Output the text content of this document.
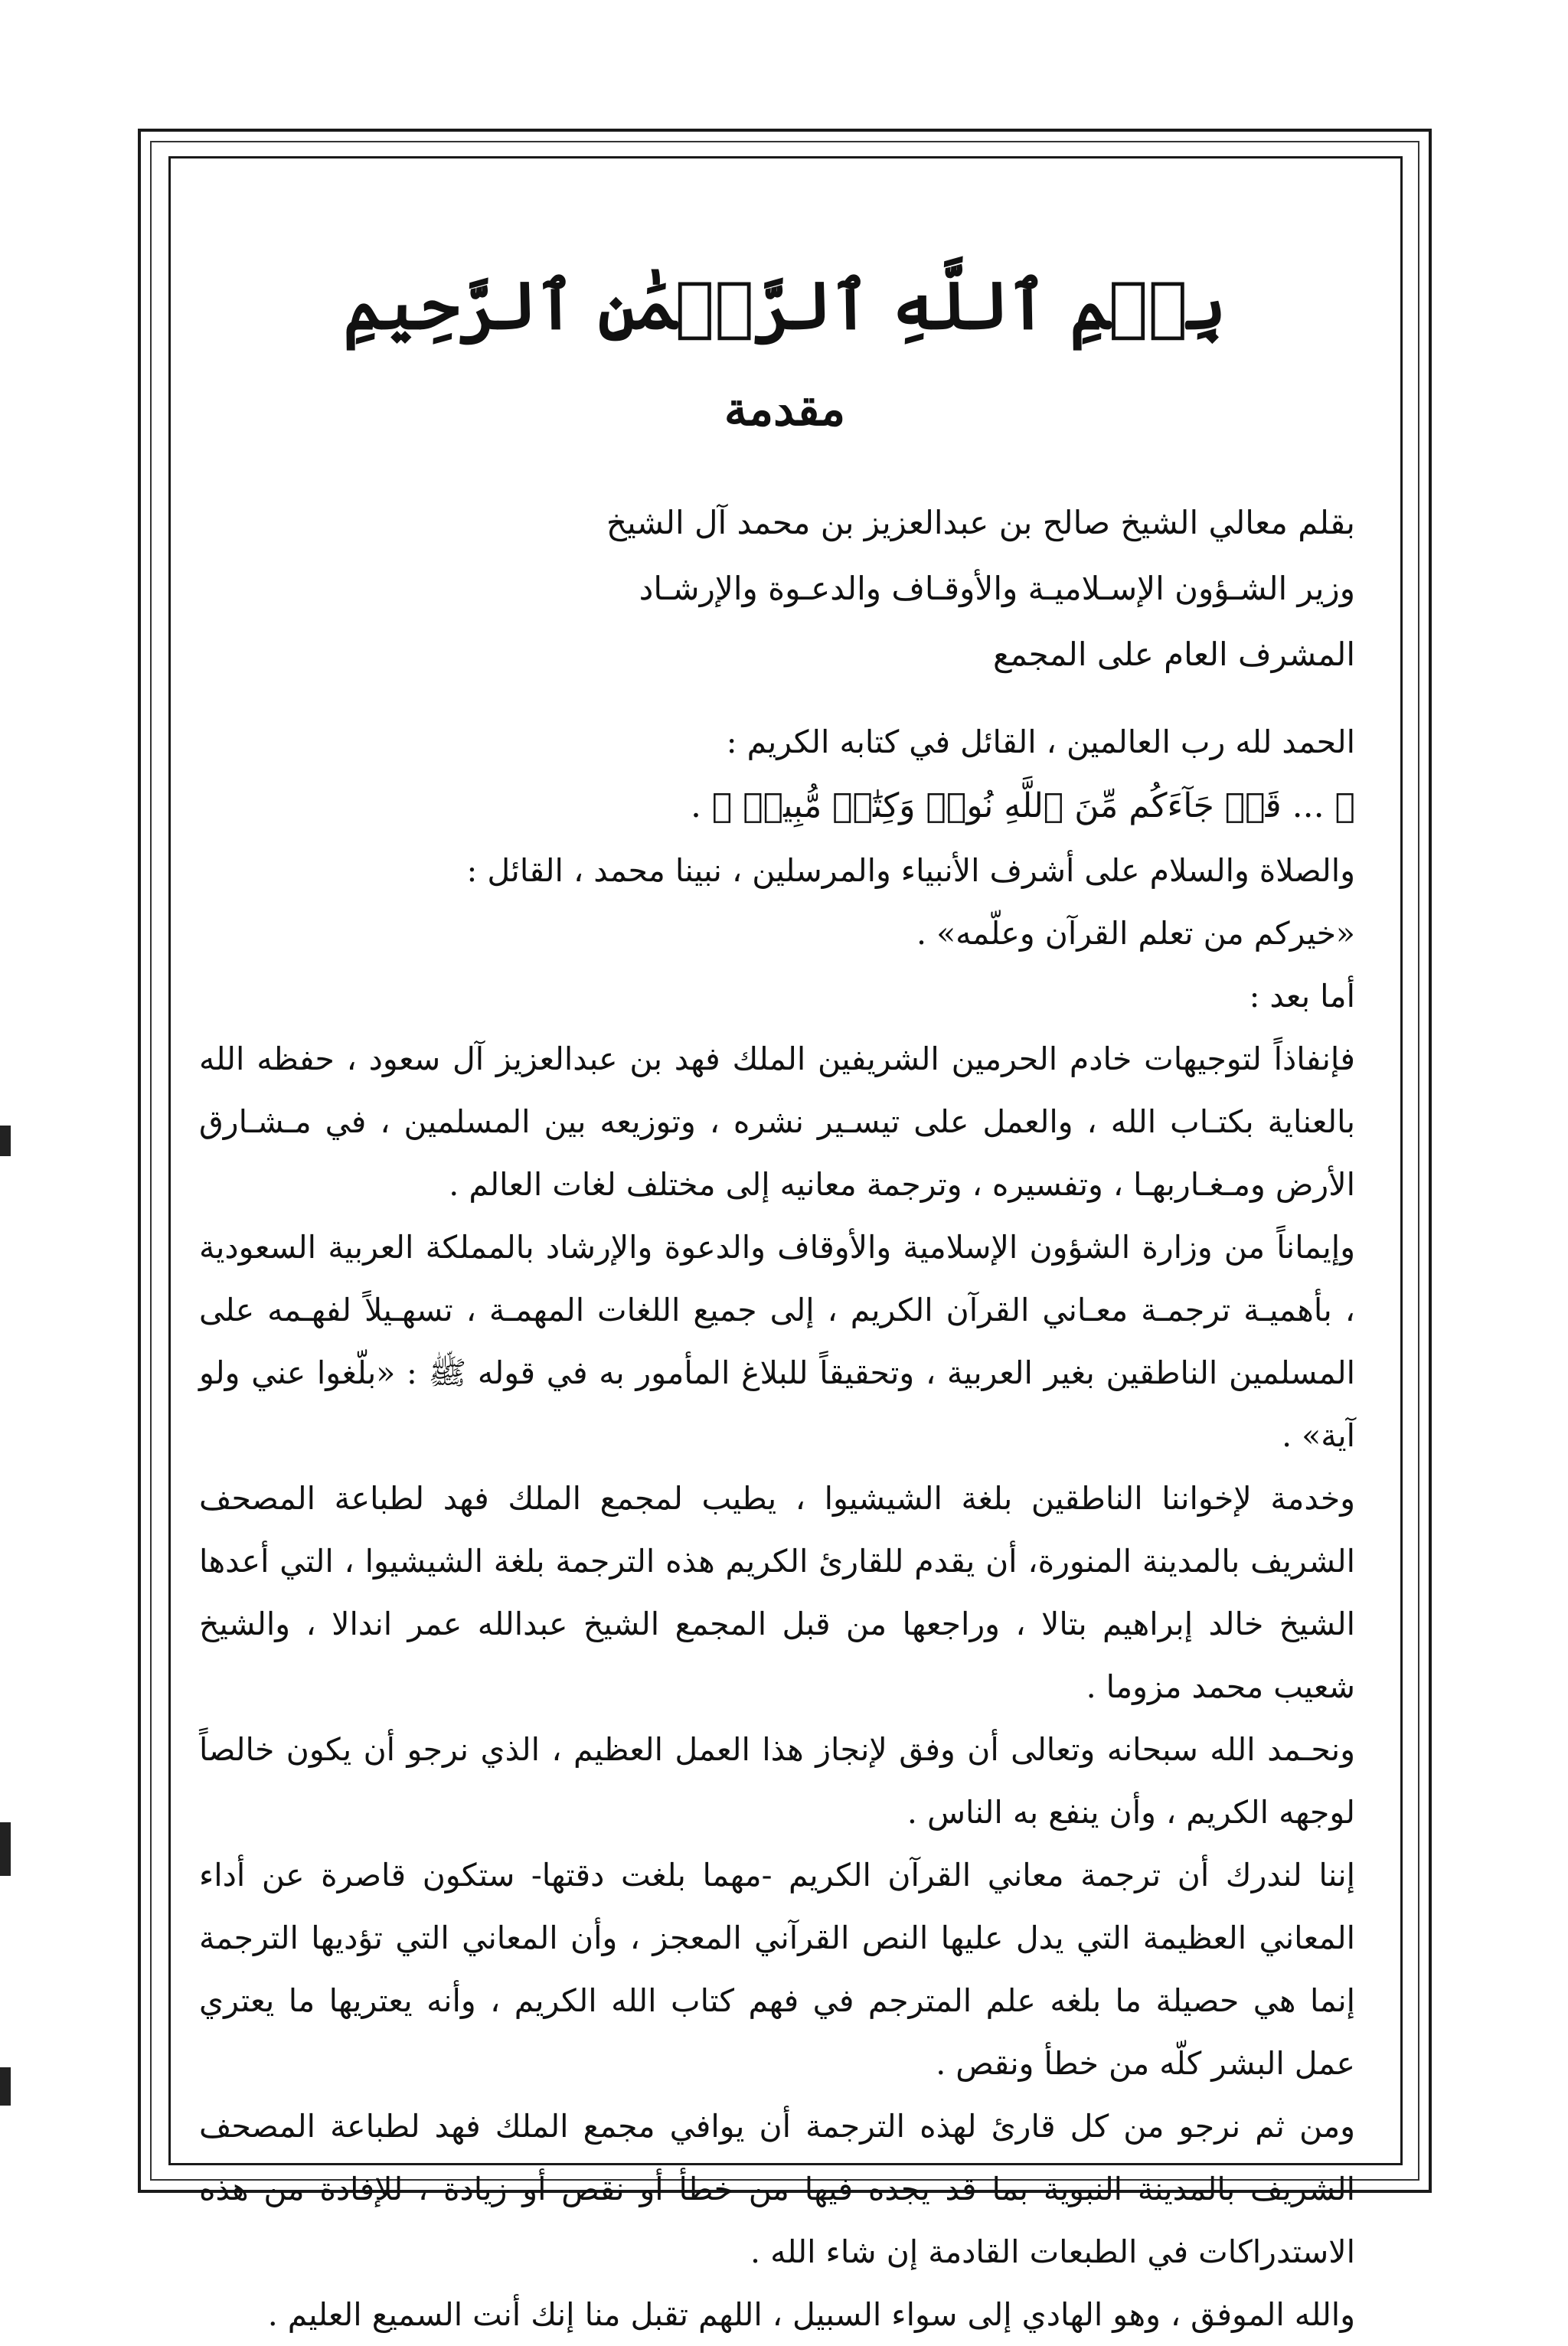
بِسۡمِ ٱللَّهِ ٱلرَّحۡمَٰنِ ٱلرَّحِيمِ
مقدمة
بقلم معالي الشيخ صالح بن عبدالعزيز بن محمد آل الشيخ
وزير الشـؤون الإسـلاميـة والأوقـاف والدعـوة والإرشـاد
المشرف العام على المجمع
الحمد لله رب العالمين ، القائل في كتابه الكريم :
﴿ ... قَدۡ جَآءَكُم مِّنَ ٱللَّهِ نُورٞ وَكِتَٰبٞ مُّبِينٞ ﴾ .
والصلاة والسلام على أشرف الأنبياء والمرسلين ، نبينا محمد ، القائل :
«خيركم من تعلم القرآن وعلّمه» .
أما بعد :
فإنفاذاً لتوجيهات خادم الحرمين الشريفين الملك فهد بن عبدالعزيز آل سعود ، حفظه الله بالعناية بكتـاب الله ، والعمل على تيسـير نشره ، وتوزيعه بين المسلمين ، في مـشـارق الأرض ومـغـاربهـا ، وتفسيره ، وترجمة معانيه إلى مختلف لغات العالم .
وإيماناً من وزارة الشؤون الإسلامية والأوقاف والدعوة والإرشاد بالمملكة العربية السعودية ، بأهميـة ترجمـة معـاني القرآن الكريم ، إلى جميع اللغات المهمـة ، تسهـيلاً لفهـمه على المسلمين الناطقين بغير العربية ، وتحقيقاً للبلاغ المأمور به في قوله ﷺ : «بلّغوا عني ولو آية» .
وخدمة لإخواننا الناطقين بلغة الشيشيوا ، يطيب لمجمع الملك فهد لطباعة المصحف الشريف بالمدينة المنورة، أن يقدم للقارئ الكريم هذه الترجمة بلغة الشيشيوا ، التي أعدها الشيخ خالد إبراهيم بتالا ، وراجعها من قبل المجمع الشيخ عبدالله عمر اندالا ، والشيخ شعيب محمد مزوما .
ونحـمد الله سبحانه وتعالى أن وفق لإنجاز هذا العمل العظيم ، الذي نرجو أن يكون خالصاً لوجهه الكريم ، وأن ينفع به الناس .
إننا لندرك أن ترجمة معاني القرآن الكريم -مهما بلغت دقتها- ستكون قاصرة عن أداء المعاني العظيمة التي يدل عليها النص القرآني المعجز ، وأن المعاني التي تؤديها الترجمة إنما هي حصيلة ما بلغه علم المترجم في فهم كتاب الله الكريم ، وأنه يعتريها ما يعتري عمل البشر كلّه من خطأ ونقص .
ومن ثم نرجو من كل قارئ لهذه الترجمة أن يوافي مجمع الملك فهد لطباعة المصحف الشريف بالمدينة النبوية بما قد يجده فيها من خطأ أو نقص أو زيادة ، للإفادة من هذه الاستدراكات في الطبعات القادمة إن شاء الله .
والله الموفق ، وهو الهادي إلى سواء السبيل ، اللهم تقبل منا إنك أنت السميع العليم .
